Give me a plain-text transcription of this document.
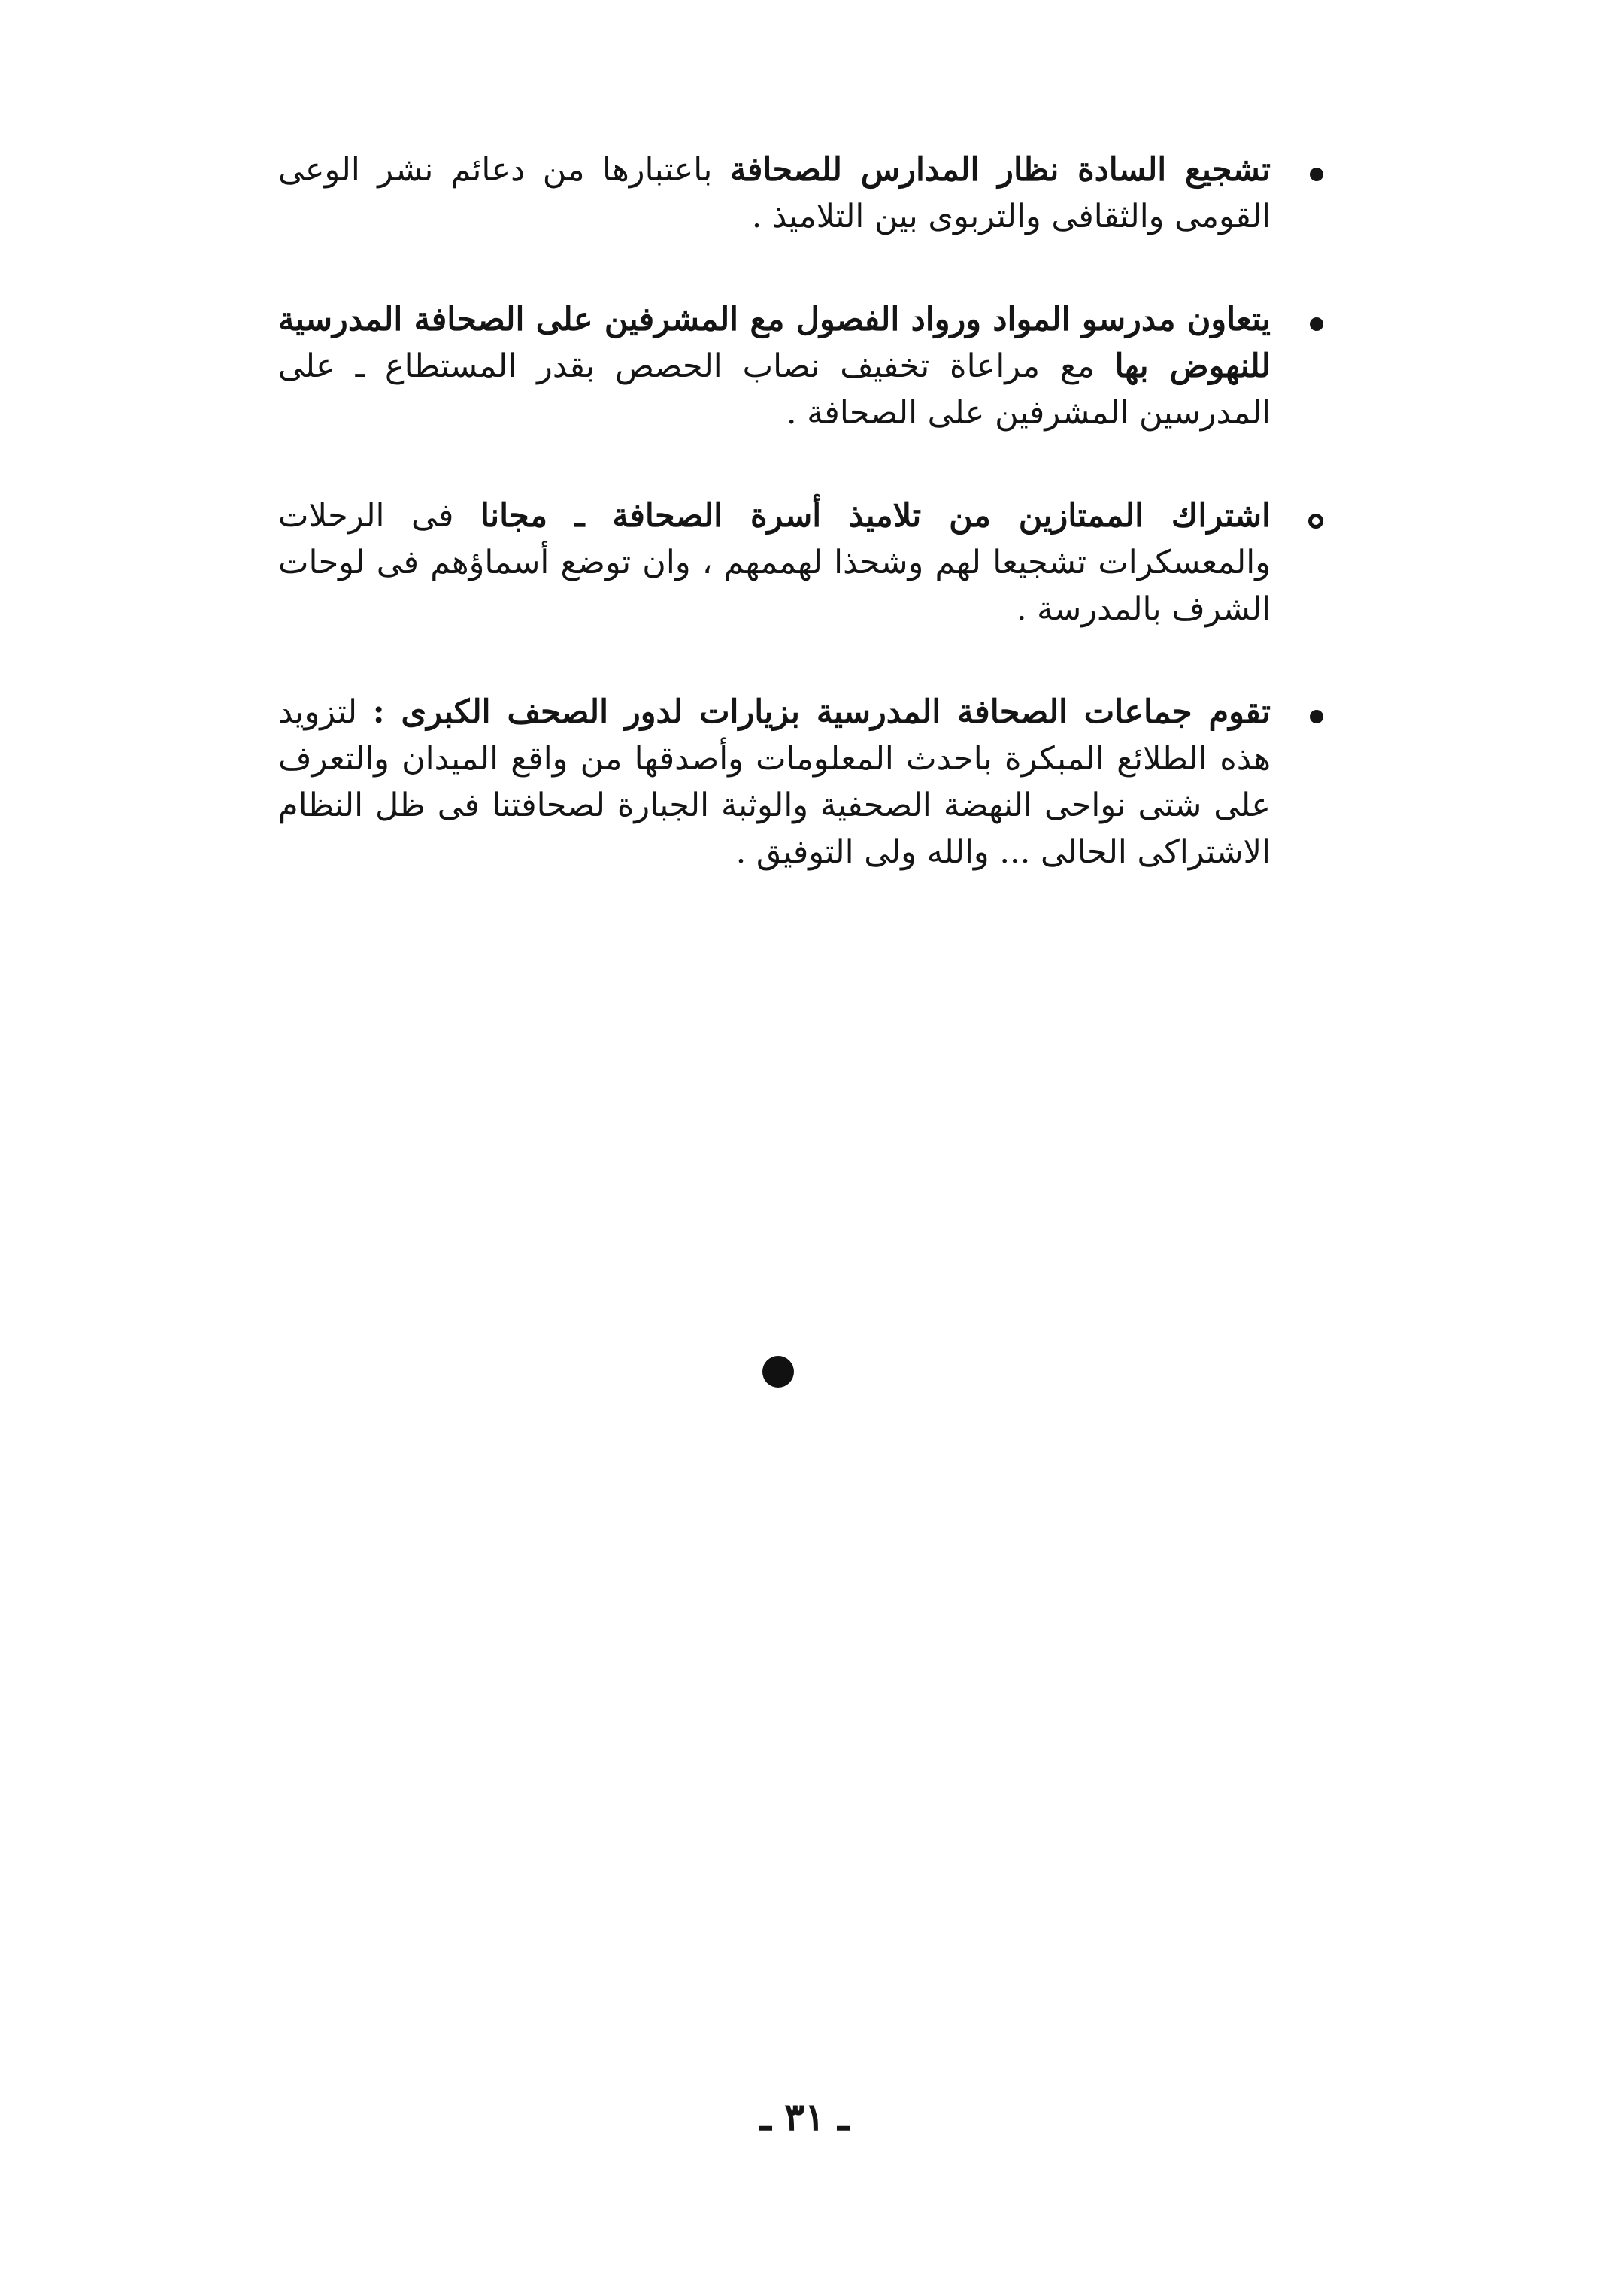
تشجيع السادة نظار المدارس للصحافة باعتبارها من دعائم نشر الوعى القومى والثقافى والتربوى بين التلاميذ .
يتعاون مدرسو المواد ورواد الفصول مع المشرفين على الصحافة المدرسية للنهوض بها مع مراعاة تخفيف نصاب الحصص بقدر المستطاع ـ على المدرسين المشرفين على الصحافة .
اشتراك الممتازين من تلاميذ أسرة الصحافة ـ مجانا فى الرحلات والمعسكرات تشجيعا لهم وشحذا لهممهم ، وان توضع أسماؤهم فى لوحات الشرف بالمدرسة .
تقوم جماعات الصحافة المدرسية بزيارات لدور الصحف الكبرى : لتزويد هذه الطلائع المبكرة باحدث المعلومات وأصدقها من واقع الميدان والتعرف على شتى نواحى النهضة الصحفية والوثبة الجبارة لصحافتنا فى ظل النظام الاشتراكى الحالى ... والله ولى التوفيق .
ـ ٣١ ـ
